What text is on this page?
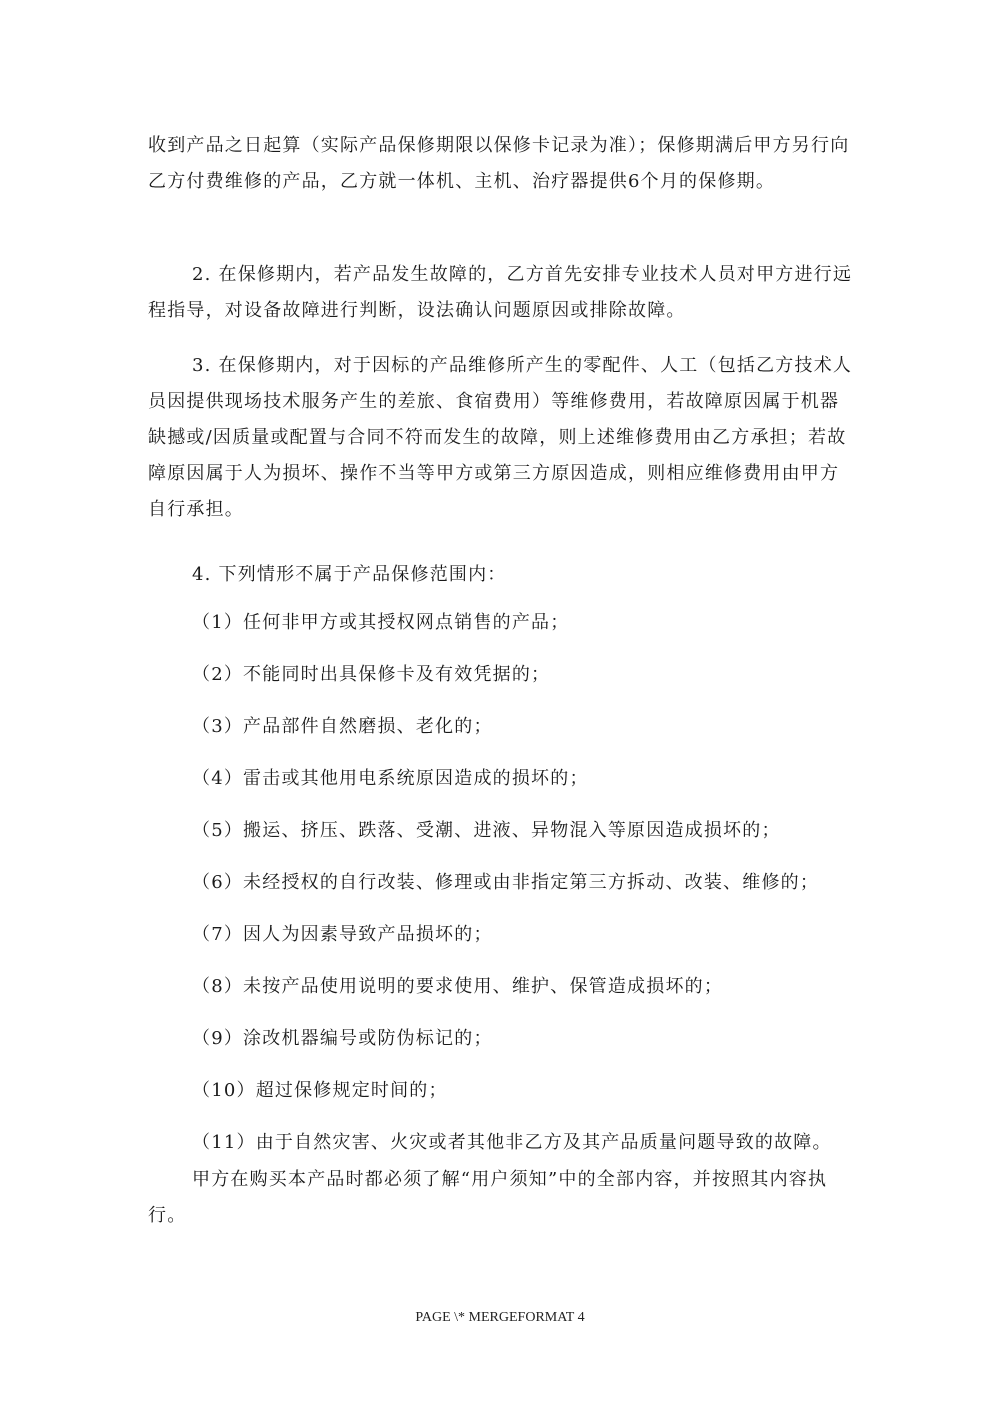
收到产品之日起算（实际产品保修期限以保修卡记录为准）；保修期满后甲方另行向乙方付费维修的产品，乙方就一体机、主机、治疗器提供6个月的保修期。

2. 在保修期内，若产品发生故障的，乙方首先安排专业技术人员对甲方进行远程指导，对设备故障进行判断，设法确认问题原因或排除故障。

3. 在保修期内，对于因标的产品维修所产生的零配件、人工（包括乙方技术人员因提供现场技术服务产生的差旅、食宿费用）等维修费用，若故障原因属于机器缺撼或/因质量或配置与合同不符而发生的故障，则上述维修费用由乙方承担；若故障原因属于人为损坏、操作不当等甲方或第三方原因造成，则相应维修费用由甲方自行承担。

4. 下列情形不属于产品保修范围内：

（1）任何非甲方或其授权网点销售的产品；

（2）不能同时出具保修卡及有效凭据的；

（3）产品部件自然磨损、老化的；

（4）雷击或其他用电系统原因造成的损坏的；

（5）搬运、挤压、跌落、受潮、进液、异物混入等原因造成损坏的；

（6）未经授权的自行改装、修理或由非指定第三方拆动、改装、维修的；

（7）因人为因素导致产品损坏的；

（8）未按产品使用说明的要求使用、维护、保管造成损坏的；

（9）涂改机器编号或防伪标记的；

（10）超过保修规定时间的；

（11）由于自然灾害、火灾或者其他非乙方及其产品质量问题导致的故障。

甲方在购买本产品时都必须了解“用户须知”中的全部内容，并按照其内容执行。

PAGE \* MERGEFORMAT 4
